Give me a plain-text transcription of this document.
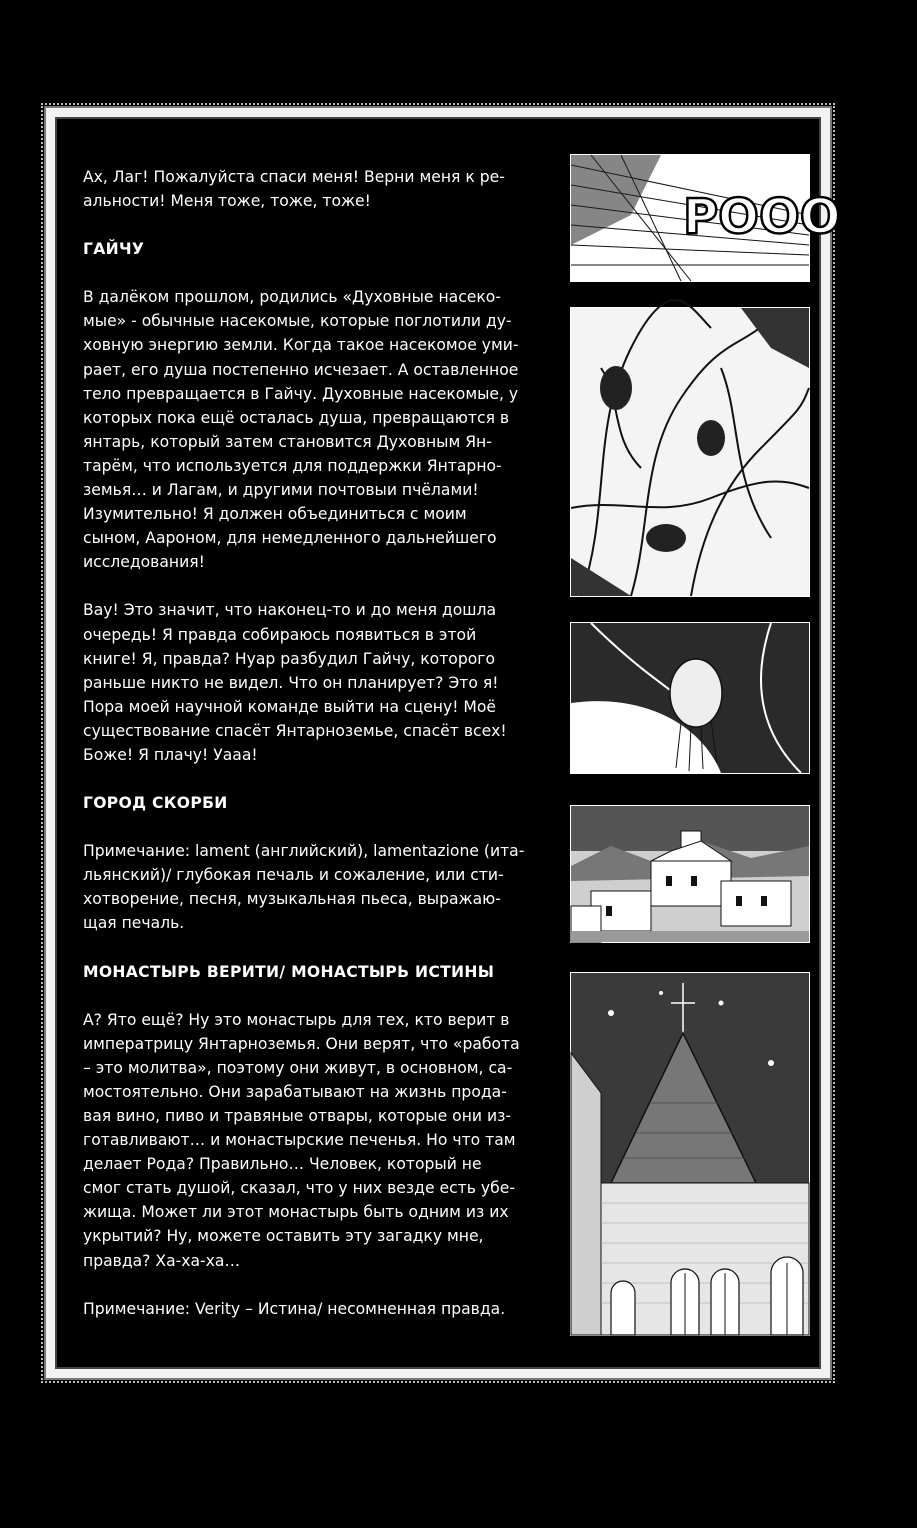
Ах, Лаг! Пожалуйста спаси меня! Верни меня к ре-
альности! Меня тоже, тоже, тоже!

ГАЙЧУ

В далёком прошлом, родились «Духовные насеко-
мые» - обычные насекомые, которые поглотили ду-
ховную энергию земли. Когда такое насекомое уми-
рает, его душа постепенно исчезает. А оставленное
тело превращается в Гайчу. Духовные насекомые, у
которых пока ещё осталась душа, превращаются в
янтарь, который затем становится Духовным Ян-
тарём, что используется для поддержки Янтарно-
земья… и Лагам, и другими почтовыи пчёлами!
Изумительно! Я должен объединиться с моим
сыном, Аароном, для немедленного дальнейшего
исследования!

Вау! Это значит, что наконец-то и до меня дошла
очередь! Я правда собираюсь появиться в этой
книге! Я, правда? Нуар разбудил Гайчу, которого
раньше никто не видел. Что он планирует? Это я!
Пора моей научной команде выйти на сцену! Моё
существование спасёт Янтарноземье, спасёт всех!
Боже! Я плачу! Уааа!

ГОРОД СКОРБИ

Примечание: lament (английский), lamentazione (ита-
льянский)/ глубокая печаль и сожаление, или сти-
хотворение, песня, музыкальная пьеса, выражаю-
щая печаль.

МОНАСТЫРЬ ВЕРИТИ/ МОНАСТЫРЬ ИСТИНЫ

А? Ято ещё? Ну это монастырь для тех, кто верит в
императрицу Янтарноземья. Они верят, что «работа
– это молитва», поэтому они живут, в основном, са-
мостоятельно. Они зарабатывают на жизнь прода-
вая вино, пиво и травяные отвары, которые они из-
готавливают… и монастырские печенья. Но что там
делает Рода? Правильно… Человек, который не
смог стать душой, сказал, что у них везде есть убе-
жища. Может ли этот монастырь быть одним из их
укрытий? Ну, можете оставить эту загадку мне,
правда? Ха-ха-ха…

Примечание: Verity – Истина/ несомненная правда.

POOO
